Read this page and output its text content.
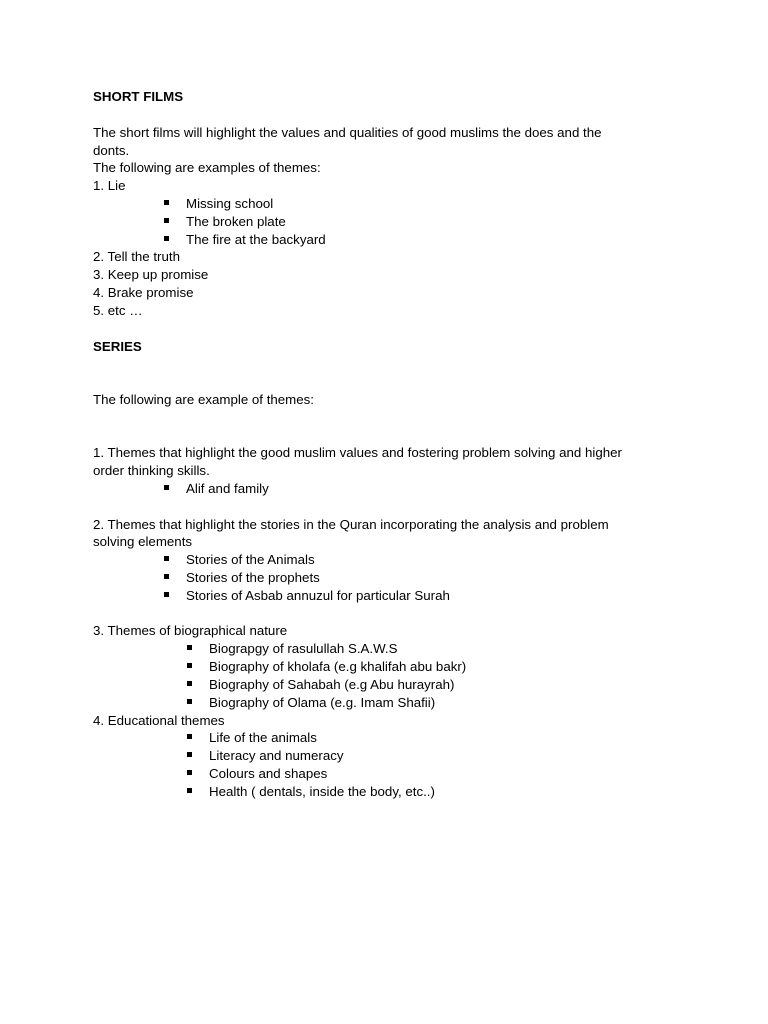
SHORT FILMS
The short films will highlight the values and qualities of good muslims the does and the
donts.
The following are examples of themes:
1. Lie
Missing school
The broken plate
The fire at the backyard
2. Tell the truth
3. Keep up promise
4. Brake promise
5. etc …
SERIES
The following are example of themes:
1. Themes that highlight the good muslim values and fostering problem solving and higher
order thinking skills.
Alif and family
2. Themes that highlight the stories in the Quran incorporating the analysis and problem
solving elements
Stories of the Animals
Stories of the prophets
Stories of Asbab annuzul for particular Surah
3. Themes of biographical nature
Biograpgy of rasulullah S.A.W.S
Biography of kholafa (e.g khalifah abu bakr)
Biography of Sahabah (e.g Abu hurayrah)
Biography of Olama (e.g. Imam Shafii)
4. Educational themes
Life of the animals
Literacy and numeracy
Colours and shapes
Health ( dentals, inside the body, etc..)
